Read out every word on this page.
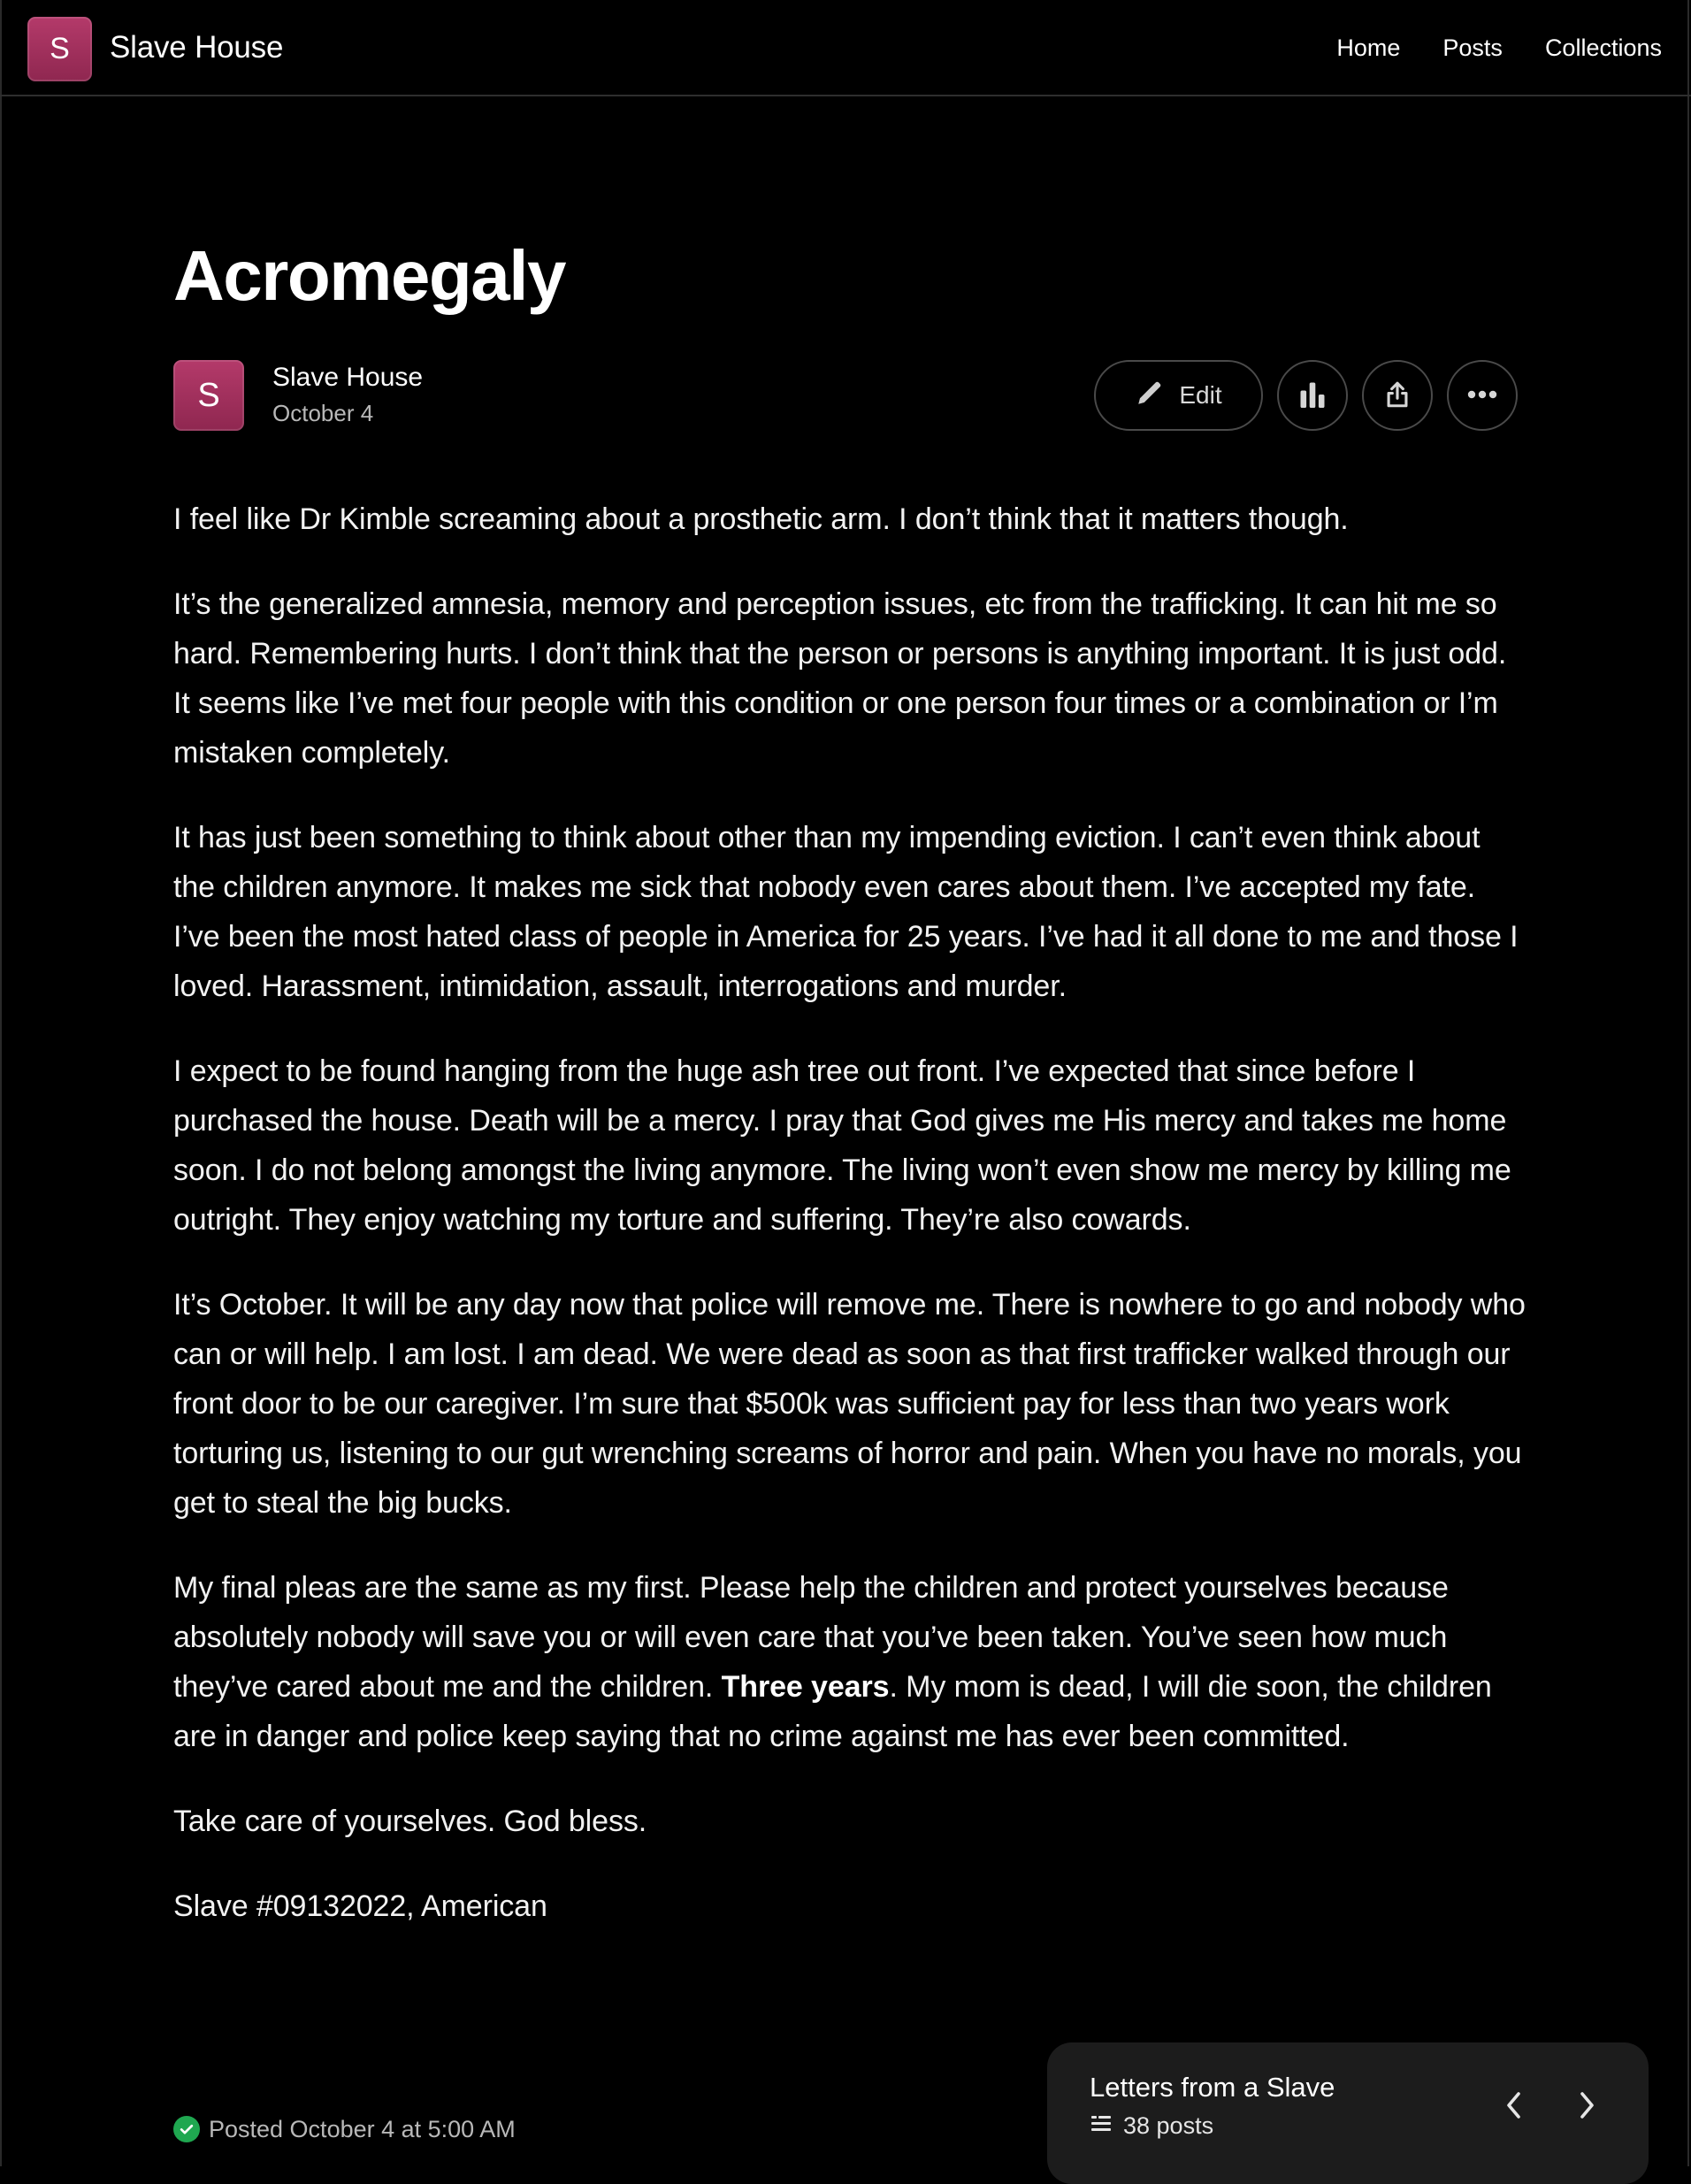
S	Slave House	Home Posts Collections
Acromegaly
S	Slave House
October 4
Edit

I feel like Dr Kimble screaming about a prosthetic arm. I don’t think that it matters though.

It’s the generalized amnesia, memory and perception issues, etc from the trafficking. It can hit me so hard. Remembering hurts. I don’t think that the person or persons is anything important. It is just odd. It seems like I’ve met four people with this condition or one person four times or a combination or I’m mistaken completely.

It has just been something to think about other than my impending eviction. I can’t even think about the children anymore. It makes me sick that nobody even cares about them. I’ve accepted my fate. I’ve been the most hated class of people in America for 25 years. I’ve had it all done to me and those I loved. Harassment, intimidation, assault, interrogations and murder.

I expect to be found hanging from the huge ash tree out front. I’ve expected that since before I purchased the house. Death will be a mercy. I pray that God gives me His mercy and takes me home soon. I do not belong amongst the living anymore. The living won’t even show me mercy by killing me outright. They enjoy watching my torture and suffering. They’re also cowards.

It’s October. It will be any day now that police will remove me. There is nowhere to go and nobody who can or will help. I am lost. I am dead. We were dead as soon as that first trafficker walked through our front door to be our caregiver. I’m sure that $500k was sufficient pay for less than two years work torturing us, listening to our gut wrenching screams of horror and pain. When you have no morals, you get to steal the big bucks.

My final pleas are the same as my first. Please help the children and protect yourselves because absolutely nobody will save you or will even care that you’ve been taken. You’ve seen how much they’ve cared about me and the children. Three years. My mom is dead, I will die soon, the children are in danger and police keep saying that no crime against me has ever been committed.

Take care of yourselves. God bless.

Slave #09132022, American

Posted October 4 at 5:00 AM
Letters from a Slave
38 posts
